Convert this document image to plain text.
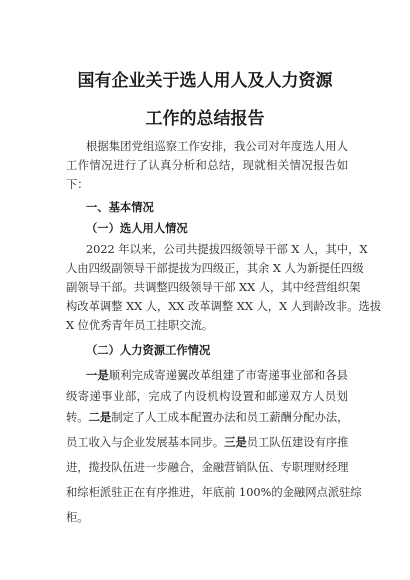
国有企业关于选人用人及人力资源
工作的总结报告

根据集团党组巡察工作安排，我公司对年度选人用人

工作情况进行了认真分析和总结，现就相关情况报告如

下：

一、基本情况

（一）选人用人情况

2022 年以来，公司共提拔四级领导干部 X 人，其中，X

人由四级副领导干部提拔为四级正，其余 X 人为新提任四级

副领导干部。共调整四级领导干部 XX 人，其中经营组织架

构改革调整 XX 人，XX 改革调整 XX 人，X 人到龄改非。选拔

X 位优秀青年员工挂职交流。

（二）人力资源工作情况

一是顺利完成寄递翼改革组建了市寄递事业部和各县

级寄递事业部，完成了内设机构设置和邮递双方人员划

转。二是制定了人工成本配置办法和员工薪酬分配办法，

员工收入与企业发展基本同步。三是员工队伍建设有序推

进，揽投队伍进一步融合，金融营销队伍、专职理财经理

和综柜派驻正在有序推进，年底前 100%的金融网点派驻综

柜。
